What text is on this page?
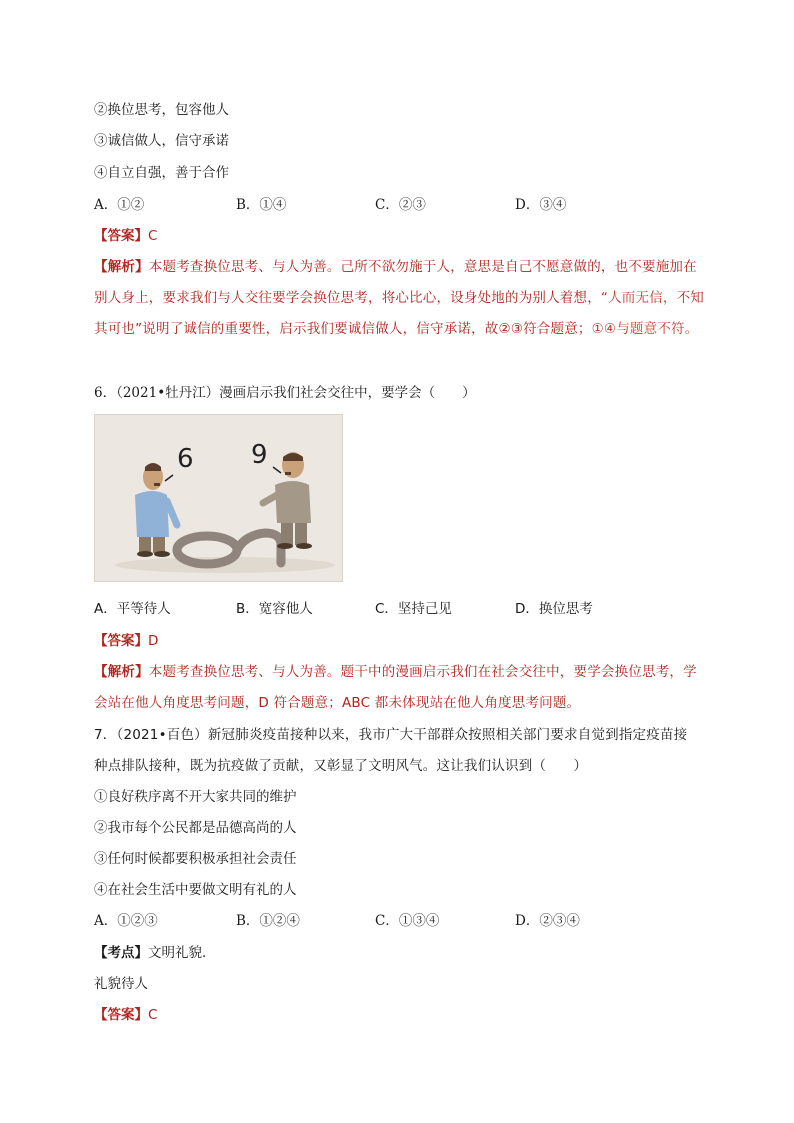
②换位思考，包容他人
③诚信做人，信守承诺
④自立自强，善于合作
A．①②	B．①④	C．②③	D．③④
【答案】C
【解析】本题考查换位思考、与人为善。己所不欲勿施于人，意思是自己不愿意做的，也不要施加在别人身上，要求我们与人交往要学会换位思考，将心比心，设身处地的为别人着想，“人而无信，不知其可也”说明了诚信的重要性，启示我们要诚信做人，信守承诺，故②③符合题意；①④与题意不符。
6．（2021•牡丹江）漫画启示我们社会交往中，要学会（　　）
6 9
A．平等待人	B．宽容他人	C．坚持己见	D．换位思考
【答案】D
【解析】本题考查换位思考、与人为善。题干中的漫画启示我们在社会交往中，要学会换位思考，学会站在他人角度思考问题，D 符合题意；ABC 都未体现站在他人角度思考问题。
7．（2021•百色）新冠肺炎疫苗接种以来，我市广大干部群众按照相关部门要求自觉到指定疫苗接
种点排队接种，既为抗疫做了贡献，又彰显了文明风气。这让我们认识到（　　）
①良好秩序离不开大家共同的维护
②我市每个公民都是品德高尚的人
③任何时候都要积极承担社会责任
④在社会生活中要做文明有礼的人
A．①②③	B．①②④	C．①③④	D．②③④
【考点】文明礼貌．
礼貌待人
【答案】C
